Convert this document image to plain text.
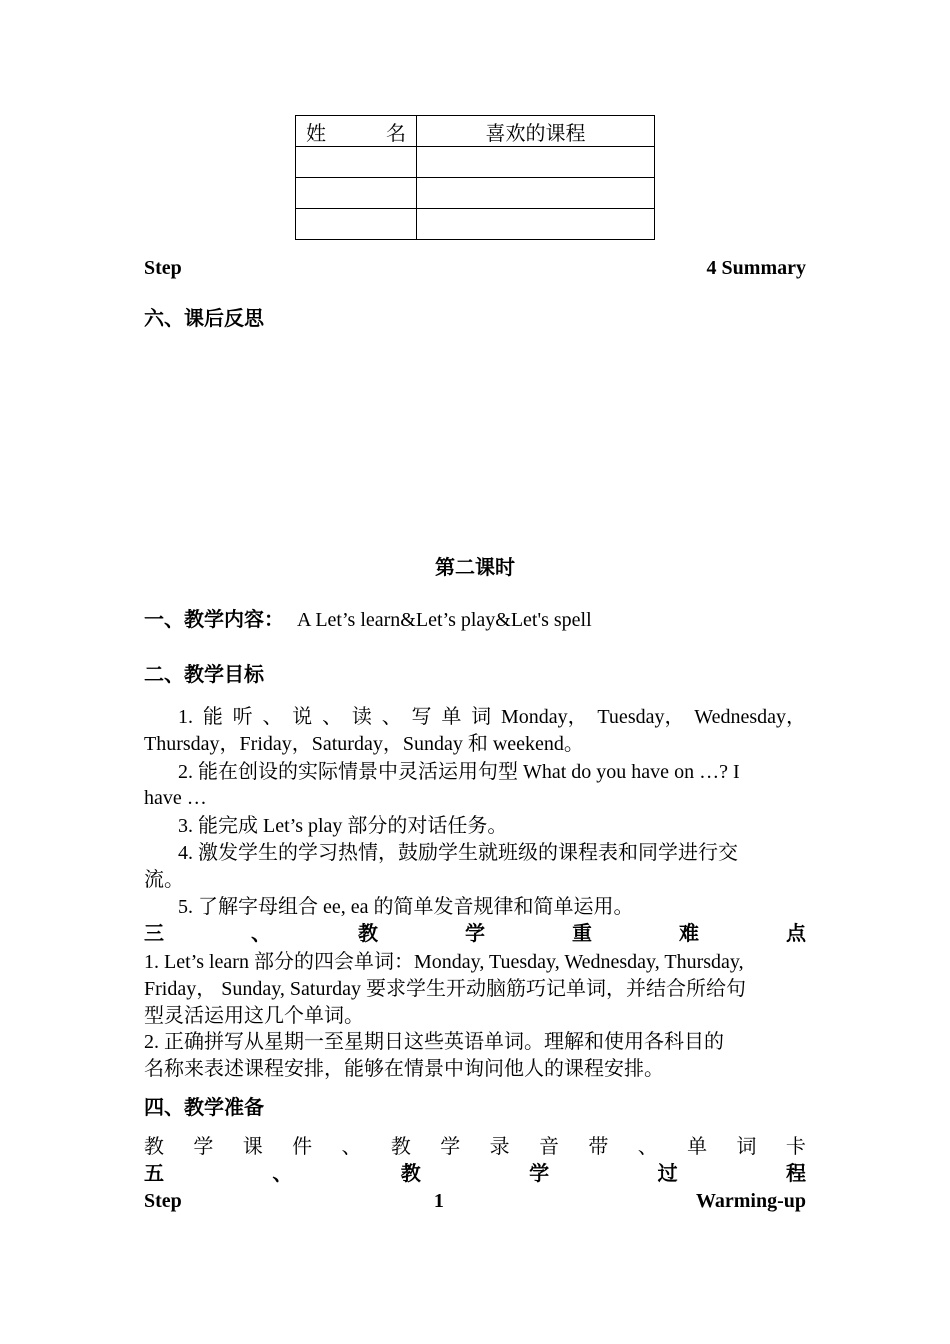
姓 名	喜欢的课程

Step	4 Summary
六、课后反思
第二课时
一、教学内容： A Let’s learn&Let’s play&Let's spell
二、教学目标
1. 能 听 、 说 、 读 、 写 单 词 Monday， Tuesday， Wednesday，
Thursday，Friday，Saturday，Sunday 和 weekend。
2. 能在创设的实际情景中灵活运用句型 What do you have on …? I
have …
3. 能完成 Let’s play 部分的对话任务。
4. 激发学生的学习热情，鼓励学生就班级的课程表和同学进行交
流。
5. 了解字母组合 ee, ea 的简单发音规律和简单运用。
三	、	教	学	重	难	点
1. Let’s learn 部分的四会单词：Monday, Tuesday, Wednesday, Thursday,
Friday， Sunday, Saturday 要求学生开动脑筋巧记单词，并结合所给句
型灵活运用这几个单词。
2. 正确拼写从星期一至星期日这些英语单词。理解和使用各科目的
名称来表述课程安排，能够在情景中询问他人的课程安排。
四、教学准备
教 学 课 件 、 教 学 录 音 带 、 单 词 卡
五	、	教	学	过	程
Step	1	Warming-up
